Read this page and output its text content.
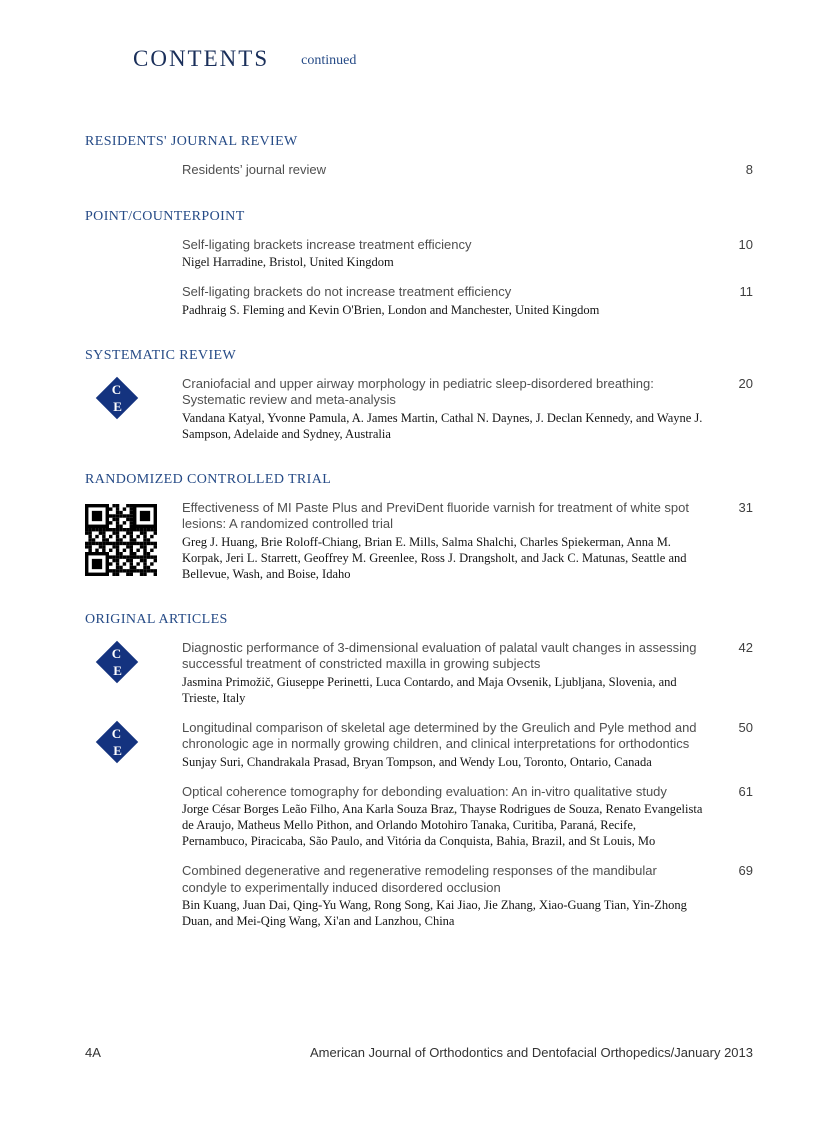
CONTENTS continued
RESIDENTS' JOURNAL REVIEW
Residents’ journal review	8
POINT/COUNTERPOINT
Self-ligating brackets increase treatment efficiency
Nigel Harradine, Bristol, United Kingdom
10
Self-ligating brackets do not increase treatment efficiency
Padhraig S. Fleming and Kevin O'Brien, London and Manchester, United Kingdom
11
SYSTEMATIC REVIEW
C
E
Craniofacial and upper airway morphology in pediatric sleep-disordered breathing: Systematic review and meta-analysis
Vandana Katyal, Yvonne Pamula, A. James Martin, Cathal N. Daynes, J. Declan Kennedy, and Wayne J. Sampson, Adelaide and Sydney, Australia
20
RANDOMIZED CONTROLLED TRIAL
Effectiveness of MI Paste Plus and PreviDent fluoride varnish for treatment of white spot lesions: A randomized controlled trial
Greg J. Huang, Brie Roloff-Chiang, Brian E. Mills, Salma Shalchi, Charles Spiekerman, Anna M. Korpak, Jeri L. Starrett, Geoffrey M. Greenlee, Ross J. Drangsholt, and Jack C. Matunas, Seattle and Bellevue, Wash, and Boise, Idaho
31
ORIGINAL ARTICLES
C
E
Diagnostic performance of 3-dimensional evaluation of palatal vault changes in assessing successful treatment of constricted maxilla in growing subjects
Jasmina Primožič, Giuseppe Perinetti, Luca Contardo, and Maja Ovsenik, Ljubljana, Slovenia, and Trieste, Italy
42
C
E
Longitudinal comparison of skeletal age determined by the Greulich and Pyle method and chronologic age in normally growing children, and clinical interpretations for orthodontics
Sunjay Suri, Chandrakala Prasad, Bryan Tompson, and Wendy Lou, Toronto, Ontario, Canada
50
Optical coherence tomography for debonding evaluation: An in-vitro qualitative study
Jorge César Borges Leão Filho, Ana Karla Souza Braz, Thayse Rodrigues de Souza, Renato Evangelista de Araujo, Matheus Mello Pithon, and Orlando Motohiro Tanaka, Curitiba, Paraná, Recife, Pernambuco, Piracicaba, São Paulo, and Vitória da Conquista, Bahia, Brazil, and St Louis, Mo
61
Combined degenerative and regenerative remodeling responses of the mandibular condyle to experimentally induced disordered occlusion
Bin Kuang, Juan Dai, Qing-Yu Wang, Rong Song, Kai Jiao, Jie Zhang, Xiao-Guang Tian, Yin-Zhong Duan, and Mei-Qing Wang, Xi'an and Lanzhou, China
69
4A	American Journal of Orthodontics and Dentofacial Orthopedics/January 2013
